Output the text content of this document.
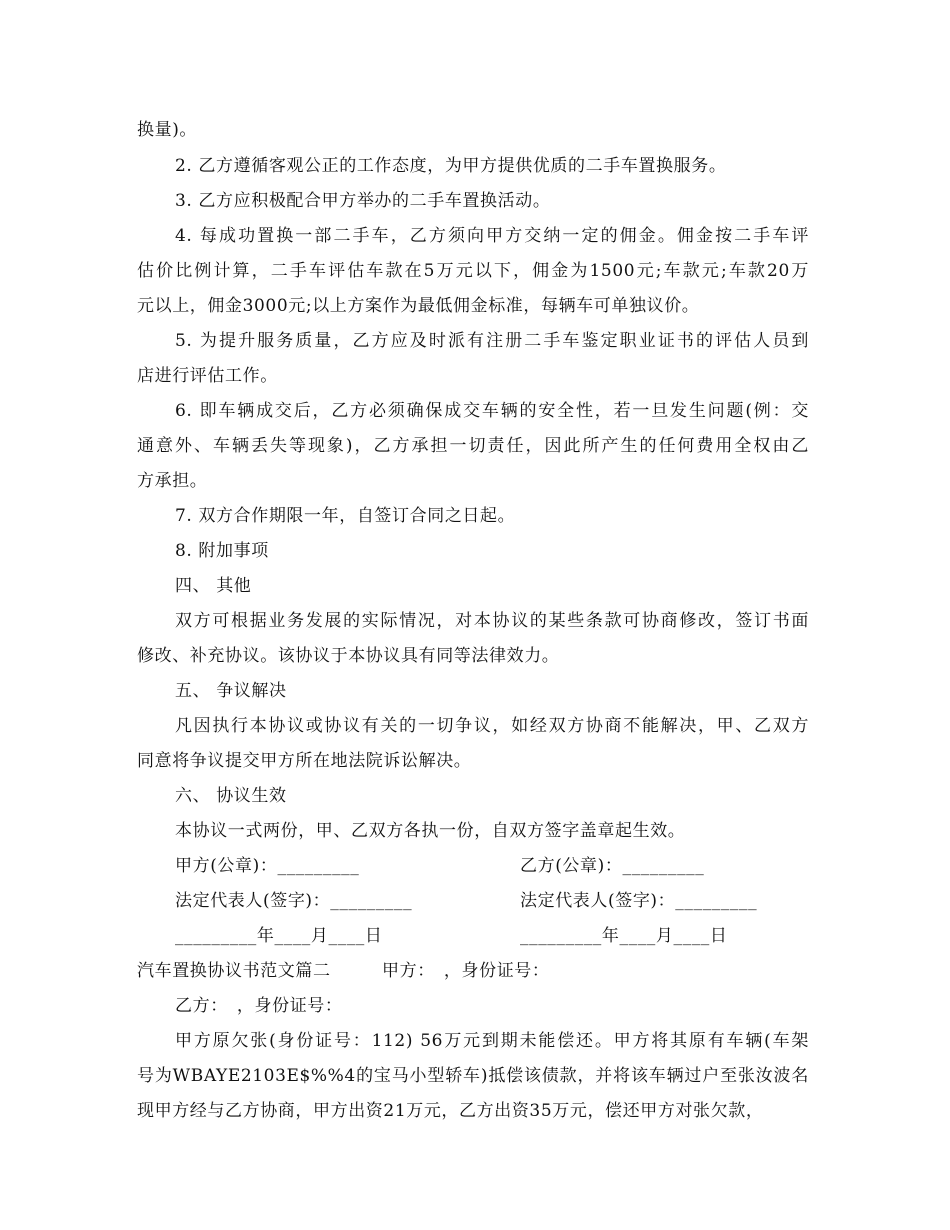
换量)。
2. 乙方遵循客观公正的工作态度，为甲方提供优质的二手车置换服务。
3. 乙方应积极配合甲方举办的二手车置换活动。
4. 每成功置换一部二手车，乙方须向甲方交纳一定的佣金。佣金按二手车评
估价比例计算，二手车评估车款在5万元以下，佣金为1500元;车款元;车款20万
元以上，佣金3000元;以上方案作为最低佣金标准，每辆车可单独议价。
5. 为提升服务质量，乙方应及时派有注册二手车鉴定职业证书的评估人员到
店进行评估工作。
6. 即车辆成交后，乙方必须确保成交车辆的安全性，若一旦发生问题(例：交
通意外、车辆丢失等现象)，乙方承担一切责任，因此所产生的任何费用全权由乙
方承担。
7. 双方合作期限一年，自签订合同之日起。
8. 附加事项
四、 其他
双方可根据业务发展的实际情况，对本协议的某些条款可协商修改，签订书面
修改、补充协议。该协议于本协议具有同等法律效力。
五、 争议解决
凡因执行本协议或协议有关的一切争议，如经双方协商不能解决，甲、乙双方
同意将争议提交甲方所在地法院诉讼解决。
六、 协议生效
本协议一式两份，甲、乙双方各执一份，自双方签字盖章起生效。
甲方(公章)：_________	乙方(公章)：_________
法定代表人(签字)：_________	法定代表人(签字)：_________
_________年____月____日	_________年____月____日
汽车置换协议书范文篇二	甲方：　，身份证号：
乙方：　，身份证号：
甲方原欠张(身份证号：112) 56万元到期未能偿还。甲方将其原有车辆(车架
号为WBAYE2103E$%%4的宝马小型轿车)抵偿该债款，并将该车辆过户至张汝波名
现甲方经与乙方协商，甲方出资21万元，乙方出资35万元，偿还甲方对张欠款，
